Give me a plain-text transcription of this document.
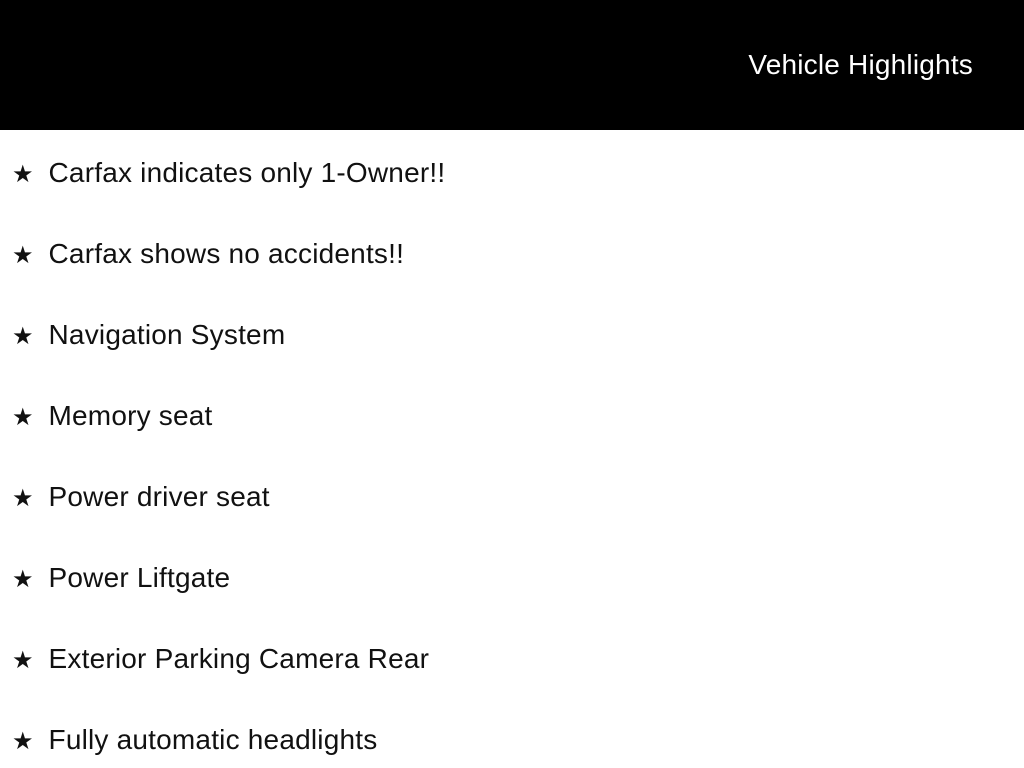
Vehicle Highlights
★ Carfax indicates only 1-Owner!!
★ Carfax shows no accidents!!
★ Navigation System
★ Memory seat
★ Power driver seat
★ Power Liftgate
★ Exterior Parking Camera Rear
★ Fully automatic headlights
